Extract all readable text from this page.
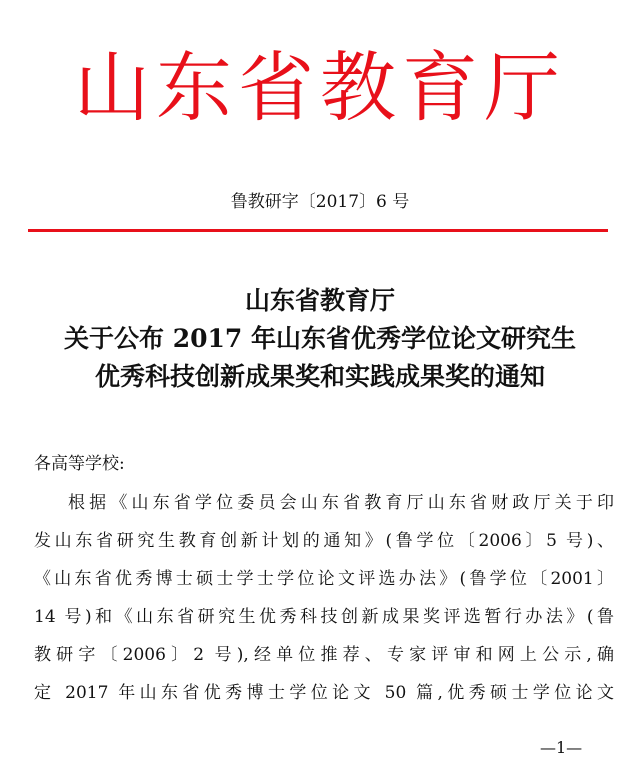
山东省教育厅
鲁教研字〔2017〕6 号
山东省教育厅
关于公布 2017 年山东省优秀学位论文研究生
优秀科技创新成果奖和实践成果奖的通知
各高等学校:
根据《山东省学位委员会山东省教育厅山东省财政厅关于印
发山东省研究生教育创新计划的通知》(鲁学位〔2006〕5 号)、
《山东省优秀博士硕士学士学位论文评选办法》(鲁学位〔2001〕
14 号)和《山东省研究生优秀科技创新成果奖评选暂行办法》(鲁
教研字〔2006〕2 号),经单位推荐、专家评审和网上公示,确
定 2017 年山东省优秀博士学位论文 50 篇,优秀硕士学位论文
—1—
